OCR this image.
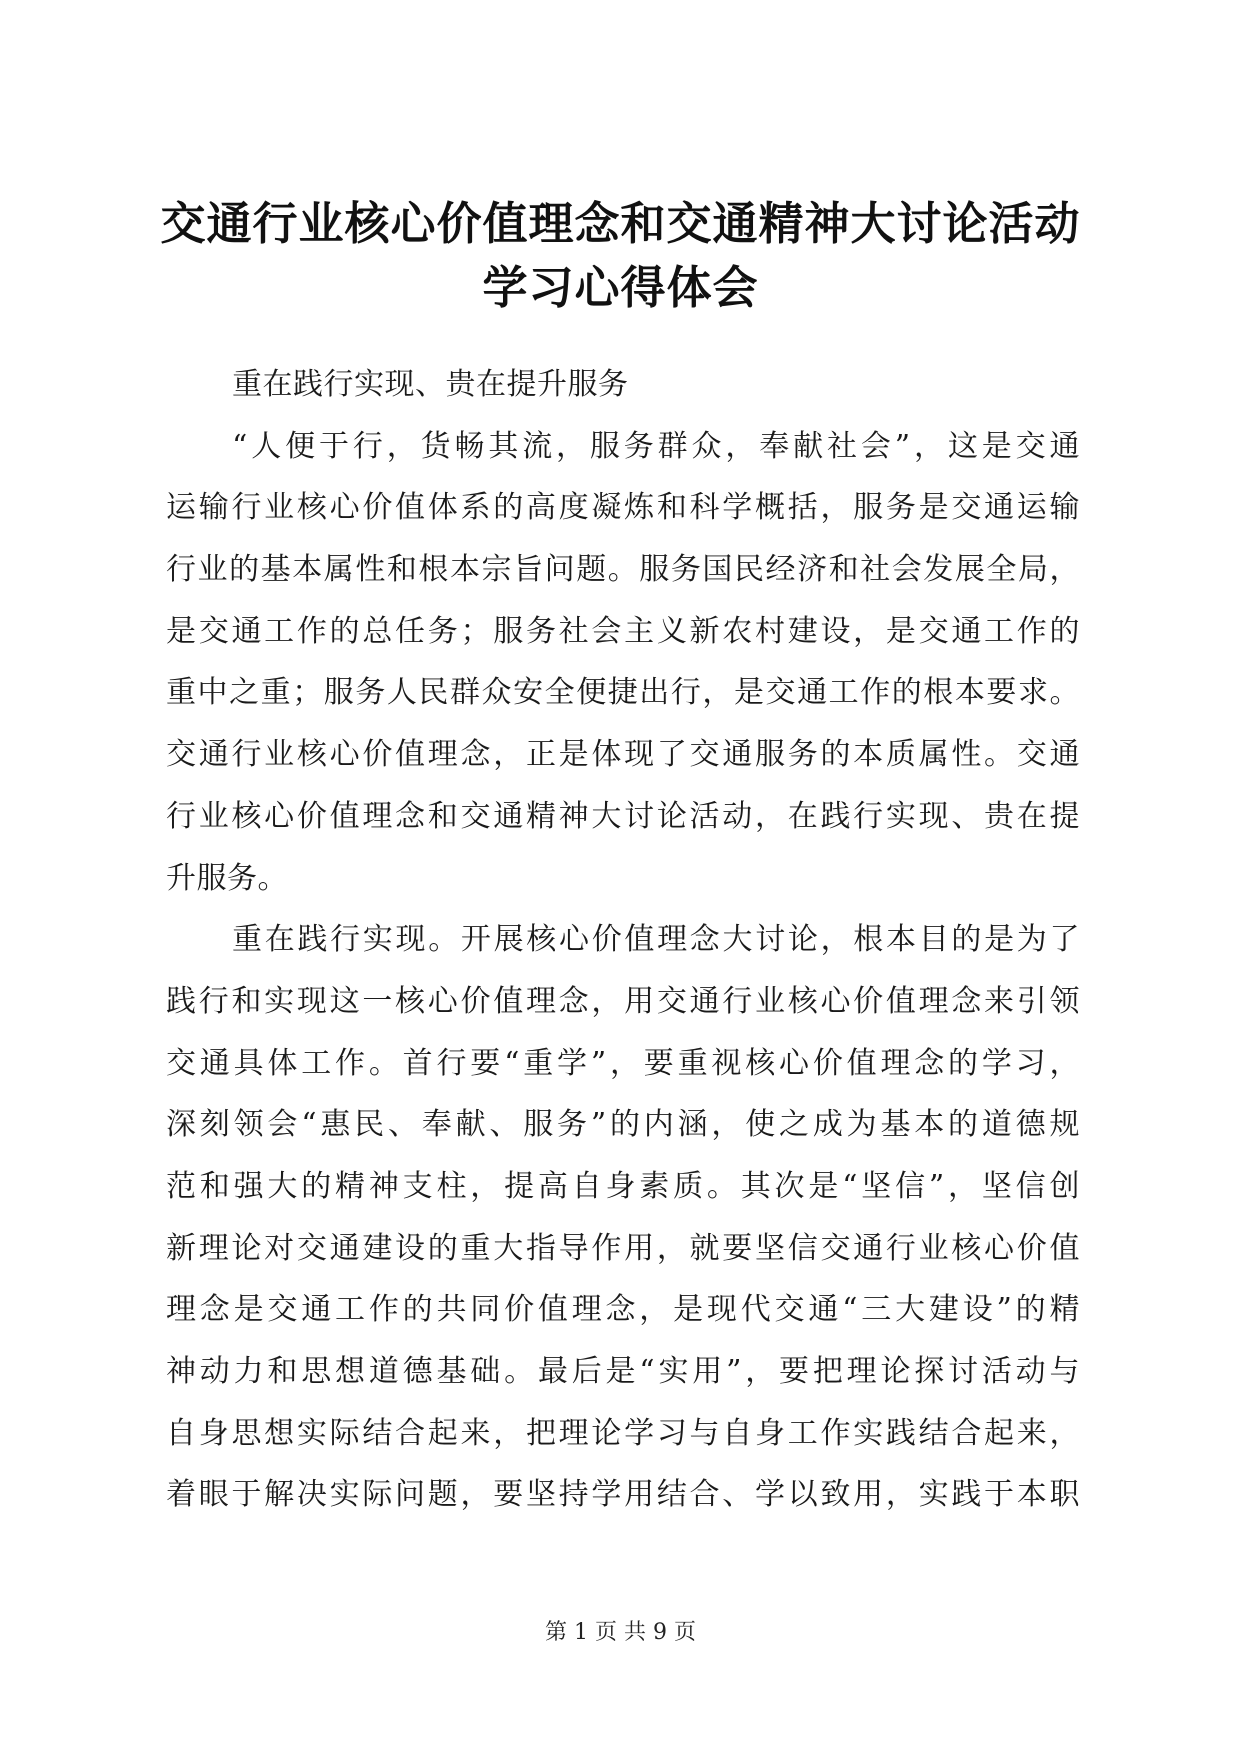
交通行业核心价值理念和交通精神大讨论活动
学习心得体会
重在践行实现、贵在提升服务
“人便于行，货畅其流，服务群众，奉献社会”，这是交通
运输行业核心价值体系的高度凝炼和科学概括，服务是交通运输
行业的基本属性和根本宗旨问题。服务国民经济和社会发展全局，
是交通工作的总任务；服务社会主义新农村建设，是交通工作的
重中之重；服务人民群众安全便捷出行，是交通工作的根本要求。
交通行业核心价值理念，正是体现了交通服务的本质属性。交通
行业核心价值理念和交通精神大讨论活动，在践行实现、贵在提
升服务。
重在践行实现。开展核心价值理念大讨论，根本目的是为了
践行和实现这一核心价值理念，用交通行业核心价值理念来引领
交通具体工作。首行要“重学”，要重视核心价值理念的学习，
深刻领会“惠民、奉献、服务”的内涵，使之成为基本的道德规
范和强大的精神支柱，提高自身素质。其次是“坚信”，坚信创
新理论对交通建设的重大指导作用，就要坚信交通行业核心价值
理念是交通工作的共同价值理念，是现代交通“三大建设”的精
神动力和思想道德基础。最后是“实用”，要把理论探讨活动与
自身思想实际结合起来，把理论学习与自身工作实践结合起来，
着眼于解决实际问题，要坚持学用结合、学以致用，实践于本职
第 1 页 共 9 页
